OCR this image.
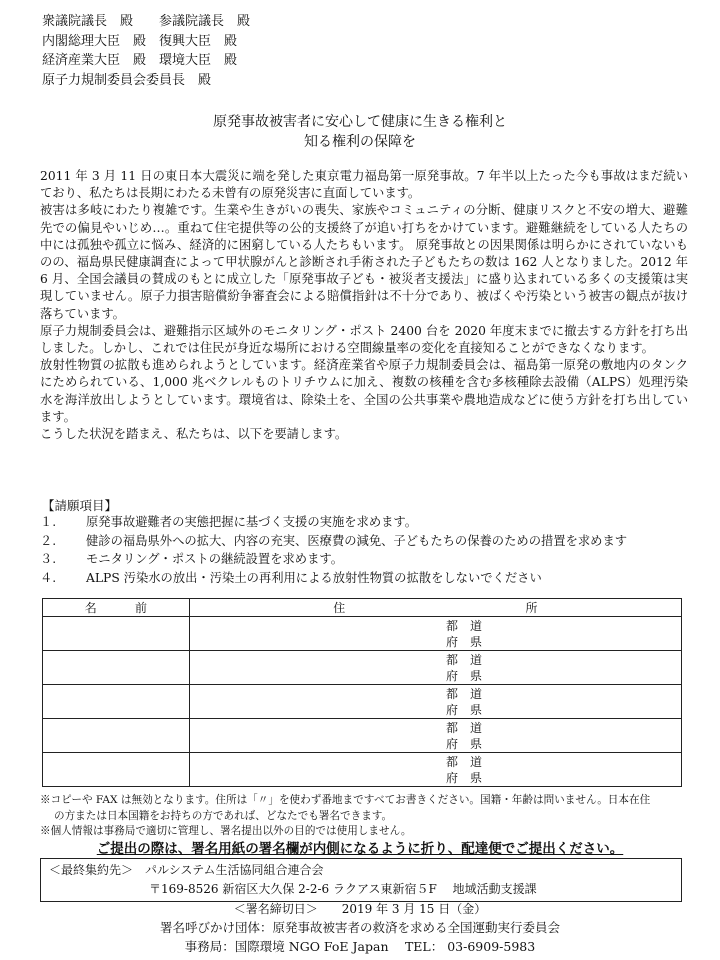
衆議院議長　殿　　参議院議長　殿
内閣総理大臣　殿　復興大臣　殿
経済産業大臣　殿　環境大臣　殿
原子力規制委員会委員長　殿
原発事故被害者に安心して健康に生きる権利と
知る権利の保障を

2011 年 3 月 11 日の東日本大震災に端を発した東京電力福島第一原発事故。7 年半以上たった今も事故はまだ続いており、私たちは長期にわたる未曾有の原発災害に直面しています。

被害は多岐にわたり複雑です。生業や生きがいの喪失、家族やコミュニティの分断、健康リスクと不安の増大、避難先での偏見やいじめ…。重ねて住宅提供等の公的支援終了が追い打ちをかけています。避難継続をしている人たちの中には孤独や孤立に悩み、経済的に困窮している人たちもいます。 原発事故との因果関係は明らかにされていないものの、福島県民健康調査によって甲状腺がんと診断され手術された子どもたちの数は 162 人となりました。2012 年 6 月、全国会議員の賛成のもとに成立した「原発事故子ども・被災者支援法」に盛り込まれている多くの支援策は実現していません。原子力損害賠償紛争審査会による賠償指針は不十分であり、被ばくや汚染という被害の観点が抜け落ちています。

原子力規制委員会は、避難指示区域外のモニタリング・ポスト 2400 台を 2020 年度末までに撤去する方針を打ち出しました。しかし、これでは住民が身近な場所における空間線量率の変化を直接知ることができなくなります。

放射性物質の拡散も進められようとしています。経済産業省や原子力規制委員会は、福島第一原発の敷地内のタンクにためられている、1,000 兆ベクレルものトリチウムに加え、複数の核種を含む多核種除去設備（ALPS）処理汚染水を海洋放出しようとしています。環境省は、除染土を、全国の公共事業や農地造成などに使う方針を打ち出しています。

こうした状況を踏まえ、私たちは、以下を要請します。

【請願項目】
１.	原発事故避難者の実態把握に基づく支援の実施を求めます。
２.	健診の福島県外への拡大、内容の充実、医療費の減免、子どもたちの保養のための措置を求めます
３.	モニタリング・ポストの継続設置を求めます。
４.	ALPS 汚染水の放出・汚染土の再利用による放射性物質の拡散をしないでください
名 前	住 所

	都　道
府　県

	都　道
府　県

	都　道
府　県

	都　道
府　県

	都　道
府　県

※コピーや FAX は無効となります。住所は「〃」を使わず番地まですべてお書きください。国籍・年齢は問いません。日本在住

の方または日本国籍をお持ちの方であれば、どなたでも署名できます。

※個人情報は事務局で適切に管理し、署名提出以外の目的では使用しません。

ご提出の際は、署名用紙の署名欄が内側になるように折り、配達便でご提出ください。
＜最終集約先＞　パルシステム生活協同組合連合会
〒169-8526 新宿区大久保 2-2-6 ラクアス東新宿５F　 地域活動支援課
＜署名締切日＞　　2019 年 3 月 15 日（金）
署名呼びかけ団体：原発事故被害者の救済を求める全国運動実行委員会
事務局：国際環境 NGO FoE Japan　 TEL： 03-6909-5983
